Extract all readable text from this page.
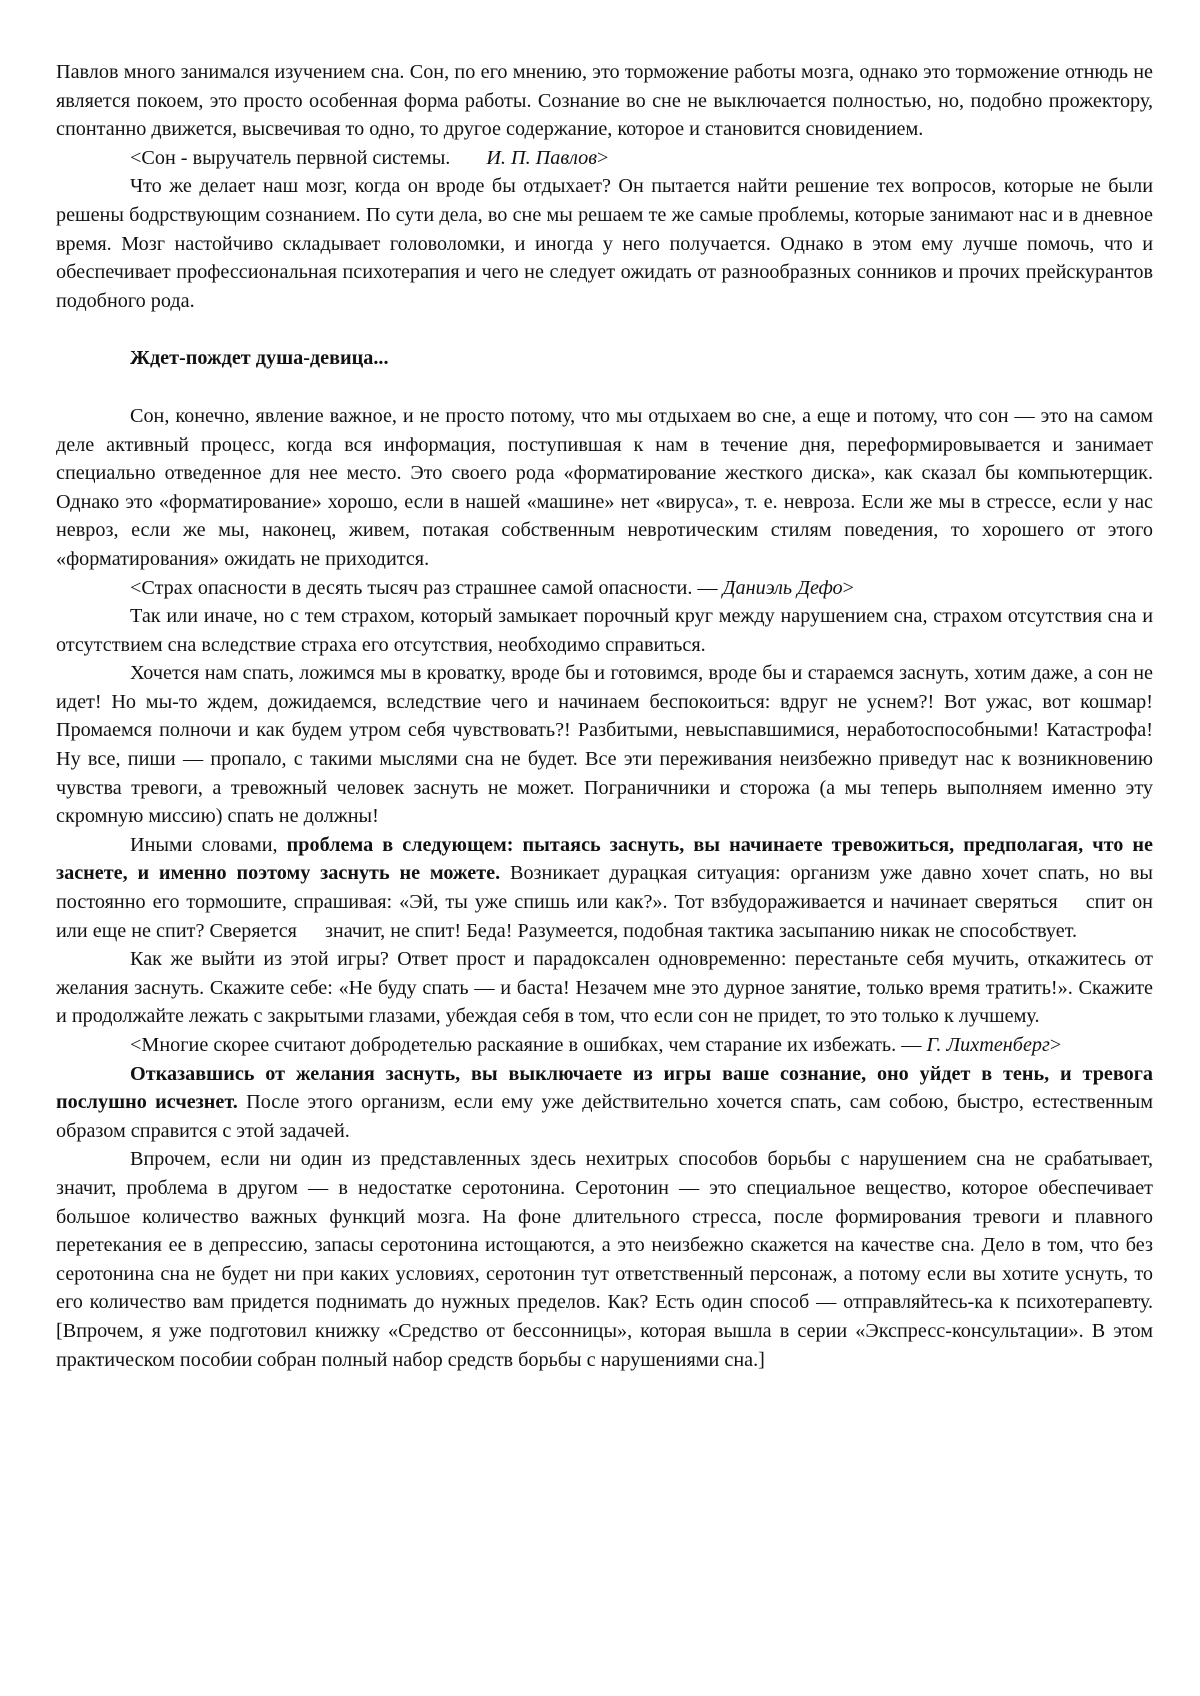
Павлов много занимался изучением сна. Сон, по его мнению, это торможение работы мозга, однако это торможение отнюдь не является покоем, это просто особенная форма работы. Сознание во сне не выключается полностью, но, подобно прожектору, спонтанно движется, высвечивая то одно, то другое содержание, которое и становится сновидением.

<Сон - выручатель первной системы. И. П. Павлов>

Что же делает наш мозг, когда он вроде бы отдыхает? Он пытается найти решение тех вопросов, которые не были решены бодрствующим сознанием. По сути дела, во сне мы решаем те же самые проблемы, которые занимают нас и в дневное время. Мозг настойчиво складывает головоломки, и иногда у него получается. Однако в этом ему лучше помочь, что и обеспечивает профессиональная психотерапия и чего не следует ожидать от разнообразных сонников и прочих прейскурантов подобного рода.

Ждет-пождет душа-девица...

Сон, конечно, явление важное, и не просто потому, что мы отдыхаем во сне, а еще и потому, что сон — это на самом деле активный процесс, когда вся информация, поступившая к нам в течение дня, переформировывается и занимает специально отведенное для нее место. Это своего рода «форматирование жесткого диска», как сказал бы компьютерщик. Однако это «форматирование» хорошо, если в нашей «машине» нет «вируса», т. е. невроза. Если же мы в стрессе, если у нас невроз, если же мы, наконец, живем, потакая собственным невротическим стилям поведения, то хорошего от этого «форматирования» ожидать не приходится.

<Страх опасности в десять тысяч раз страшнее самой опасности. — Даниэль Дефо>

Так или иначе, но с тем страхом, который замыкает порочный круг между нарушением сна, страхом отсутствия сна и отсутствием сна вследствие страха его отсутствия, необходимо справиться.

Хочется нам спать, ложимся мы в кроватку, вроде бы и готовимся, вроде бы и стараемся заснуть, хотим даже, а сон не идет! Но мы-то ждем, дожидаемся, вследствие чего и начинаем беспокоиться: вдруг не уснем?! Вот ужас, вот кошмар! Промаемся полночи и как будем утром себя чувствовать?! Разбитыми, невыспавшимися, неработоспособными! Катастрофа! Ну все, пиши — пропало, с такими мыслями сна не будет. Все эти переживания неизбежно приведут нас к возникновению чувства тревоги, а тревожный человек заснуть не может. Пограничники и сторожа (а мы теперь выполняем именно эту скромную миссию) спать не должны!

Иными словами, проблема в следующем: пытаясь заснуть, вы начинаете тревожиться, предполагая, что не заснете, и именно поэтому заснуть не можете. Возникает дурацкая ситуация: организм уже давно хочет спать, но вы постоянно его тормошите, спрашивая: «Эй, ты уже спишь или как?». Тот взбудораживается и начинает сверяться спит он или еще не спит? Сверяется значит, не спит! Беда! Разумеется, подобная тактика засыпанию никак не способствует.

Как же выйти из этой игры? Ответ прост и парадоксален одновременно: перестаньте себя мучить, откажитесь от желания заснуть. Скажите себе: «Не буду спать — и баста! Незачем мне это дурное занятие, только время тратить!». Скажите и продолжайте лежать с закрытыми глазами, убеждая себя в том, что если сон не придет, то это только к лучшему.

<Многие скорее считают добродетелью раскаяние в ошибках, чем старание их избежать. — Г. Лихтенберг>

Отказавшись от желания заснуть, вы выключаете из игры ваше сознание, оно уйдет в тень, и тревога послушно исчезнет. После этого организм, если ему уже действительно хочется спать, сам собою, быстро, естественным образом справится с этой задачей.

Впрочем, если ни один из представленных здесь нехитрых способов борьбы с нарушением сна не срабатывает, значит, проблема в другом — в недостатке серотонина. Серотонин — это специальное вещество, которое обеспечивает большое количество важных функций мозга. На фоне длительного стресса, после формирования тревоги и плавного перетекания ее в депрессию, запасы серотонина истощаются, а это неизбежно скажется на качестве сна. Дело в том, что без серотонина сна не будет ни при каких условиях, серотонин тут ответственный персонаж, а потому если вы хотите уснуть, то его количество вам придется поднимать до нужных пределов. Как? Есть один способ — отправляйтесь-ка к психотерапевту. [Впрочем, я уже подготовил книжку «Средство от бессонницы», которая вышла в серии «Экспресс-консультации». В этом практическом пособии собран полный набор средств борьбы с нарушениями сна.]
